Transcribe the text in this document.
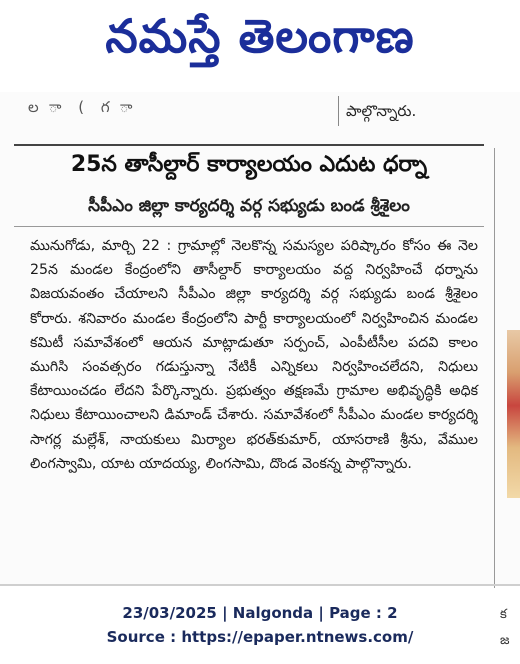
నమస్తే తెలంగాణ
ల ా ( గ ా	పాల్గొన్నారు.
25న తాసీల్దార్ కార్యాలయం ఎదుట ధర్నా
సీపీఎం జిల్లా కార్యదర్శి వర్గ సభ్యుడు బండ శ్రీశైలం
మునుగోడు, మార్చి 22 : గ్రామాల్లో నెలకొన్న సమస్యల పరిష్కారం కోసం ఈ నెల 25న మండల కేంద్రంలోని తాసీల్దార్ కార్యాలయం వద్ద నిర్వహించే ధర్నాను విజయవంతం చేయాలని సీపీఎం జిల్లా కార్యదర్శి వర్గ సభ్యుడు బండ శ్రీశైలం కోరారు. శనివారం మండల కేంద్రంలోని పార్టీ కార్యాలయంలో నిర్వహించిన మండల కమిటీ సమావేశంలో ఆయన మాట్లాడుతూ సర్పంచ్, ఎంపీటీసీల పదవి కాలం ముగిసి సంవత్సరం గడుస్తున్నా నేటికీ ఎన్నికలు నిర్వహించలేదని, నిధులు కేటాయించడం లేదని పేర్కొన్నారు. ప్రభుత్వం తక్షణమే గ్రామాల అభివృద్ధికి అధిక నిధులు కేటాయించాలని డిమాండ్ చేశారు. సమావేశంలో సీపీఎం మండల కార్యదర్శి సాగర్ల మల్లేశ్, నాయకులు మిర్యాల భరత్‌కుమార్, యాసరాణి శ్రీను, వేముల లింగస్వామి, యాట యాదయ్య, లింగసామి, దొండ వెంకన్న పాల్గొన్నారు.
క జ
23/03/2025 | Nalgonda | Page : 2
Source : https://epaper.ntnews.com/
